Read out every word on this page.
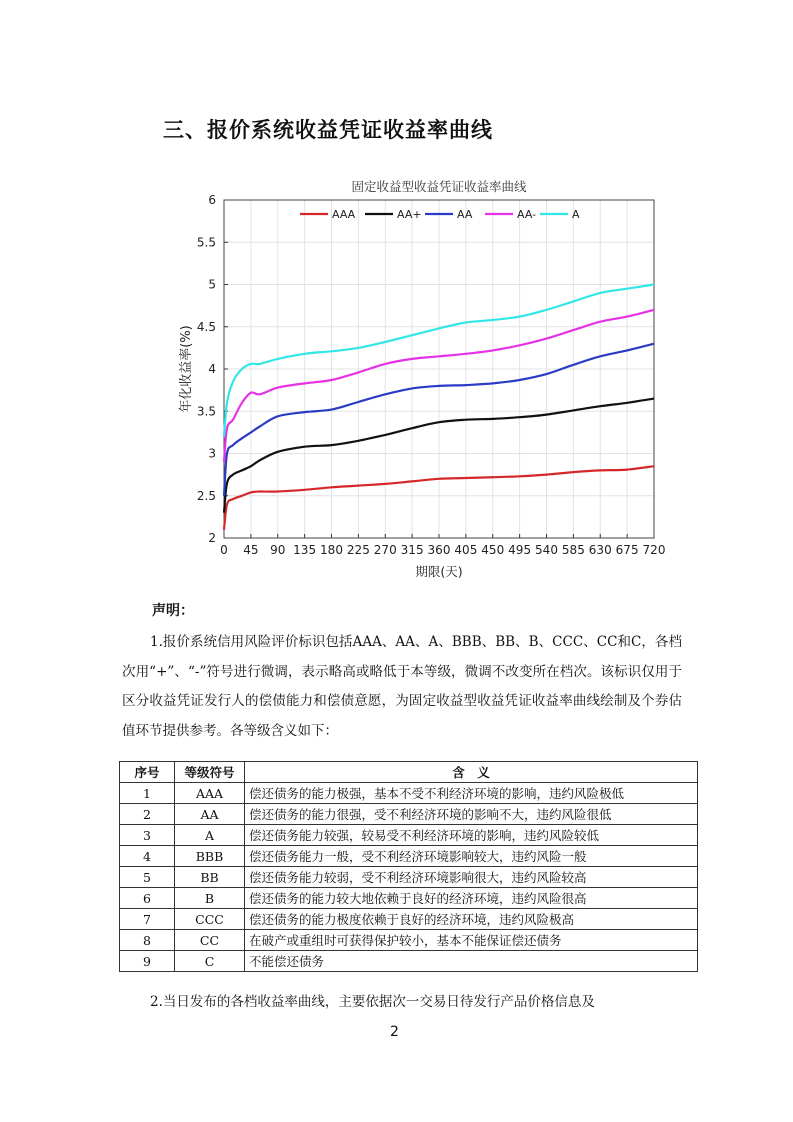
三、报价系统收益凭证收益率曲线
0 45 90 135 180 225 270 315 360 405 450 495 540 585 630 675 720
2
2.5
3
3.5
4
4.5
5
5.5
6
AAA	AA+	AA	AA-	A
固定收益型收益凭证收益率曲线
期限(天)
年化收益率(%)
声明：
1.报价系统信用风险评价标识包括AAA、AA、A、BBB、BB、B、CCC、CC和C，各档次用“+”、“-”符号进行微调，表示略高或略低于本等级，微调不改变所在档次。该标识仅用于区分收益凭证发行人的偿债能力和偿债意愿，为固定收益型收益凭证收益率曲线绘制及个券估值环节提供参考。各等级含义如下：
序号	等级符号	含　义
1	AAA	偿还债务的能力极强，基本不受不利经济环境的影响，违约风险极低
2	AA	偿还债务的能力很强，受不利经济环境的影响不大，违约风险很低
3	A	偿还债务能力较强，较易受不利经济环境的影响，违约风险较低
4	BBB	偿还债务能力一般，受不利经济环境影响较大，违约风险一般
5	BB	偿还债务能力较弱，受不利经济环境影响很大，违约风险较高
6	B	偿还债务的能力较大地依赖于良好的经济环境，违约风险很高
7	CCC	偿还债务的能力极度依赖于良好的经济环境，违约风险极高
8	CC	在破产或重组时可获得保护较小，基本不能保证偿还债务
9	C	不能偿还债务
2.当日发布的各档收益率曲线，主要依据次一交易日待发行产品价格信息及
2
